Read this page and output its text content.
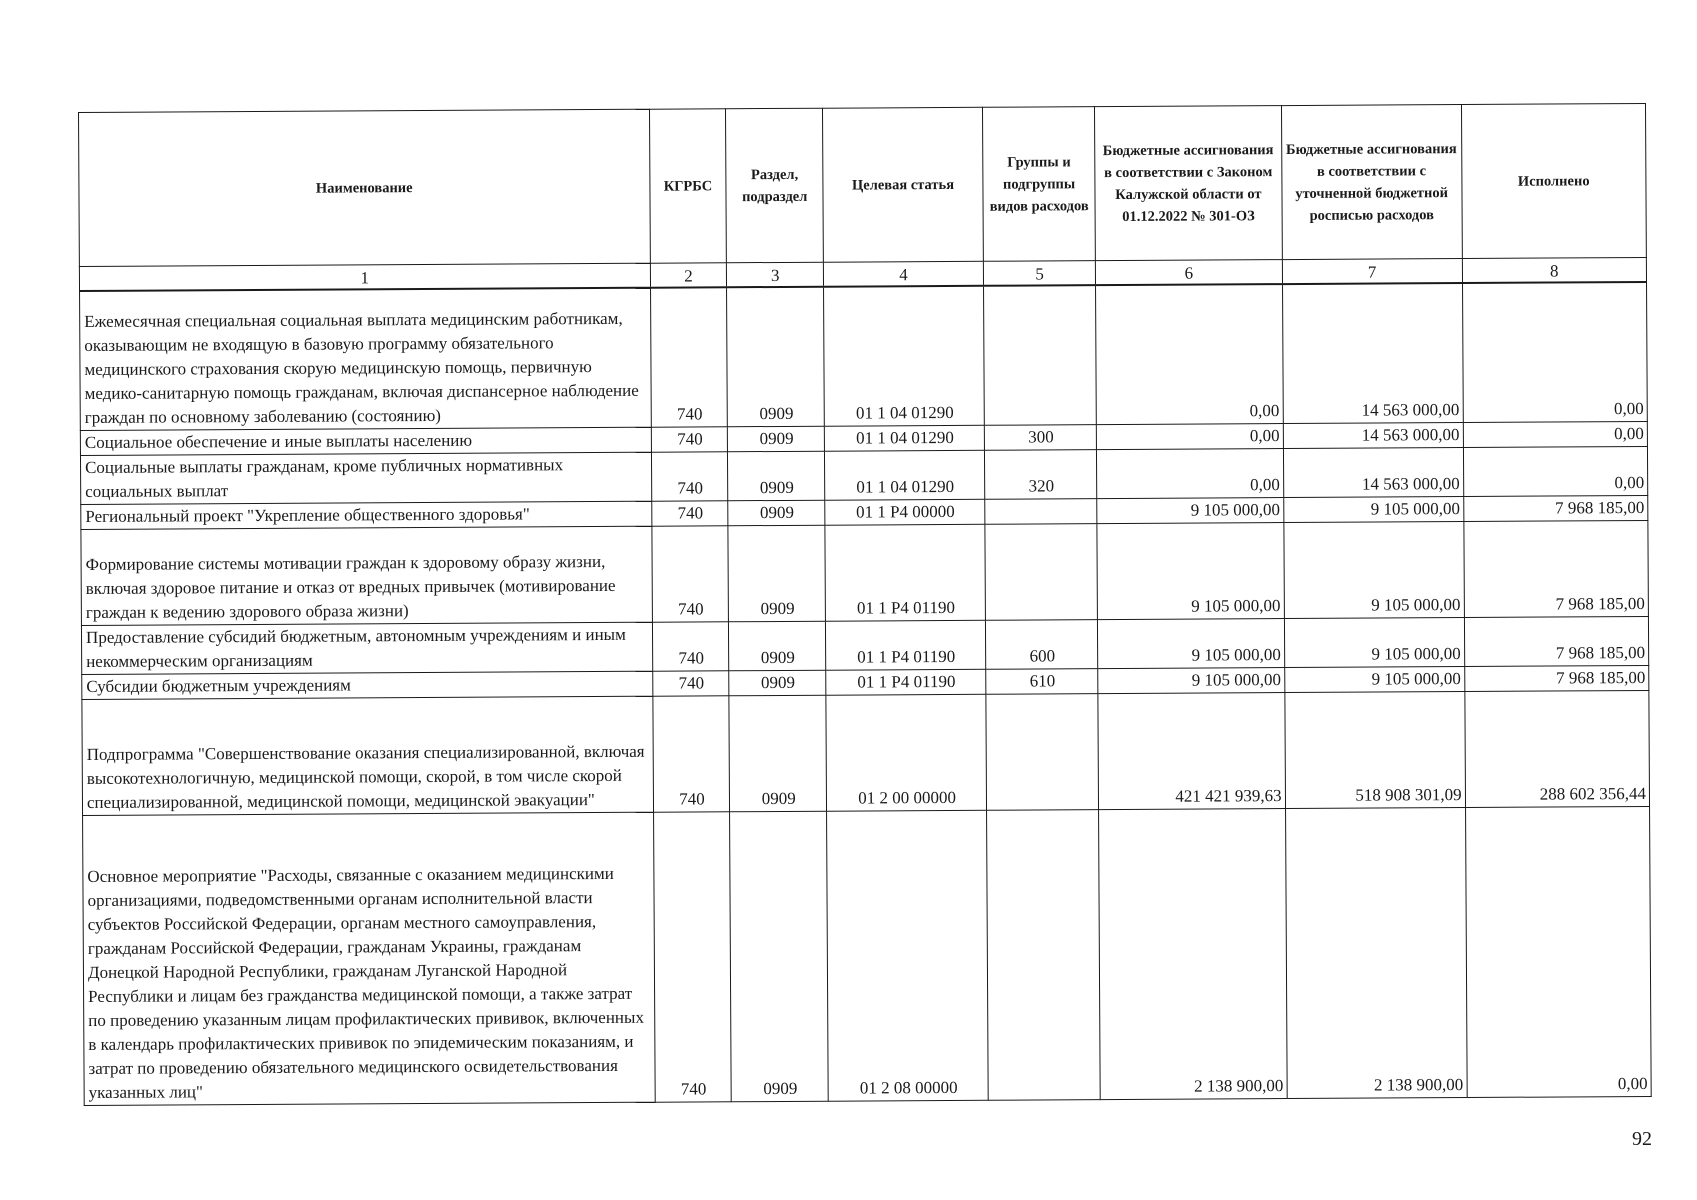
Наименование	КГРБС	Раздел, подраздел	Целевая статья	Группы и подгруппы видов расходов	Бюджетные ассигнования в соответствии с Законом Калужской области от 01.12.2022 № 301-ОЗ	Бюджетные ассигнования в соответствии с уточненной бюджетной росписью расходов	Исполнено
1	2	3	4	5	6	7	8
Ежемесячная специальная социальная выплата медицинским работникам, оказывающим не входящую в базовую программу обязательного медицинского страхования скорую медицинскую помощь, первичную медико-санитарную помощь гражданам, включая диспансерное наблюдение граждан по основному заболеванию (состоянию)	740	0909	01 1 04 01290		0,00	14 563 000,00	0,00
Социальное обеспечение и иные выплаты населению	740	0909	01 1 04 01290	300	0,00	14 563 000,00	0,00
Социальные выплаты гражданам, кроме публичных нормативных социальных выплат	740	0909	01 1 04 01290	320	0,00	14 563 000,00	0,00
Региональный проект "Укрепление общественного здоровья"	740	0909	01 1 P4 00000		9 105 000,00	9 105 000,00	7 968 185,00
Формирование системы мотивации граждан к здоровому образу жизни, включая здоровое питание и отказ от вредных привычек (мотивирование граждан к ведению здорового образа жизни)	740	0909	01 1 P4 01190		9 105 000,00	9 105 000,00	7 968 185,00
Предоставление субсидий бюджетным, автономным учреждениям и иным некоммерческим организациям	740	0909	01 1 P4 01190	600	9 105 000,00	9 105 000,00	7 968 185,00
Субсидии бюджетным учреждениям	740	0909	01 1 P4 01190	610	9 105 000,00	9 105 000,00	7 968 185,00
Подпрограмма "Совершенствование оказания специализированной, включая высокотехнологичную, медицинской помощи, скорой, в том числе скорой специализированной, медицинской помощи, медицинской эвакуации"	740	0909	01 2 00 00000		421 421 939,63	518 908 301,09	288 602 356,44
Основное мероприятие "Расходы, связанные с оказанием медицинскими организациями, подведомственными органам исполнительной власти субъектов Российской Федерации, органам местного самоуправления, гражданам Российской Федерации, гражданам Украины, гражданам Донецкой Народной Республики, гражданам Луганской Народной Республики и лицам без гражданства медицинской помощи, а также затрат по проведению указанным лицам профилактических прививок, включенных в календарь профилактических прививок по эпидемическим показаниям, и затрат по проведению обязательного медицинского освидетельствования указанных лиц"	740	0909	01 2 08 00000		2 138 900,00	2 138 900,00	0,00
92
